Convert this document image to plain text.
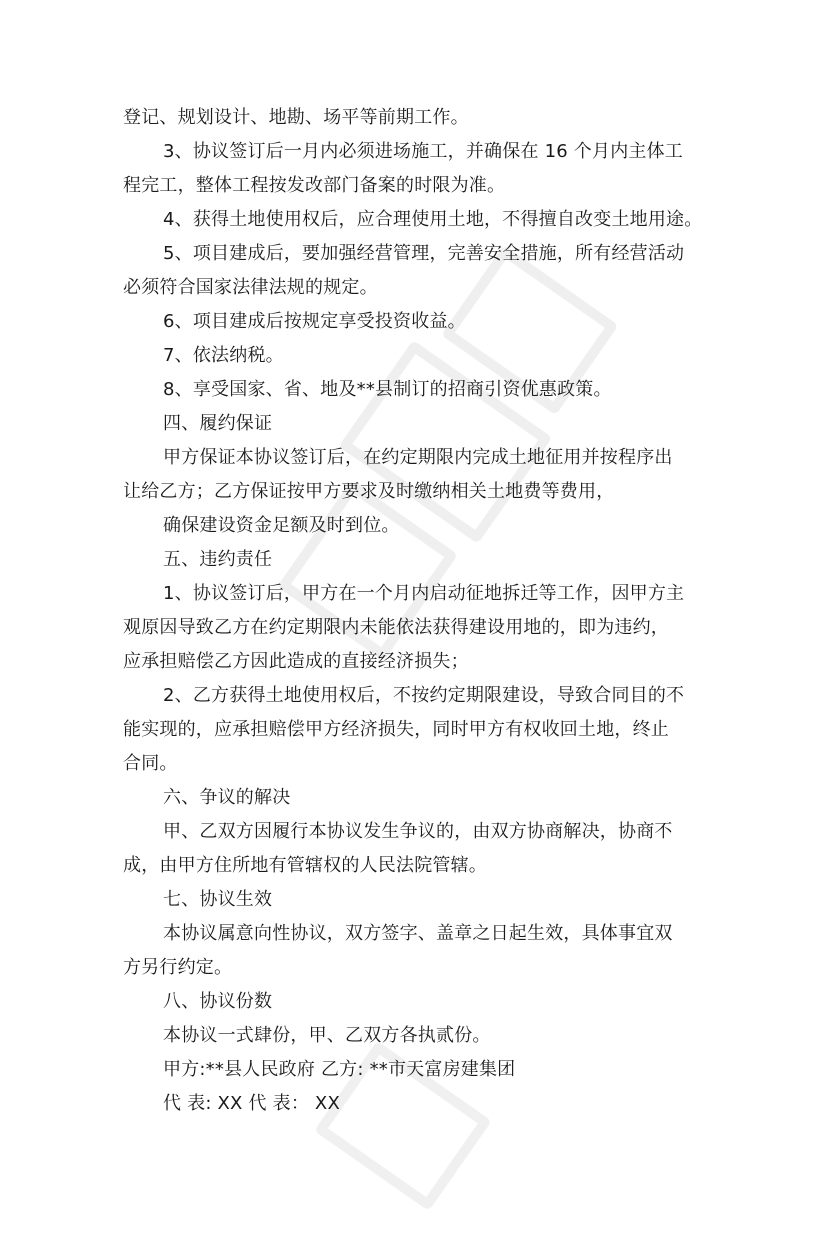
登记、规划设计、地勘、场平等前期工作。
3、协议签订后一月内必须进场施工，并确保在 16 个月内主体工
程完工，整体工程按发改部门备案的时限为准。
4、获得土地使用权后，应合理使用土地，不得擅自改变土地用途。
5、项目建成后，要加强经营管理，完善安全措施，所有经营活动
必须符合国家法律法规的规定。
6、项目建成后按规定享受投资收益。
7、依法纳税。
8、享受国家、省、地及**县制订的招商引资优惠政策。
四、履约保证
甲方保证本协议签订后，在约定期限内完成土地征用并按程序出
让给乙方；乙方保证按甲方要求及时缴纳相关土地费等费用，
确保建设资金足额及时到位。
五、违约责任
1、协议签订后，甲方在一个月内启动征地拆迁等工作，因甲方主
观原因导致乙方在约定期限内未能依法获得建设用地的，即为违约，
应承担赔偿乙方因此造成的直接经济损失；
2、乙方获得土地使用权后，不按约定期限建设，导致合同目的不
能实现的，应承担赔偿甲方经济损失，同时甲方有权收回土地，终止
合同。
六、争议的解决
甲、乙双方因履行本协议发生争议的，由双方协商解决，协商不
成，由甲方住所地有管辖权的人民法院管辖。
七、协议生效
本协议属意向性协议，双方签字、盖章之日起生效，具体事宜双
方另行约定。
八、协议份数
本协议一式肆份，甲、乙双方各执贰份。
甲方:**县人民政府 乙方: **市天富房建集团
代 表: XX 代 表： XX
